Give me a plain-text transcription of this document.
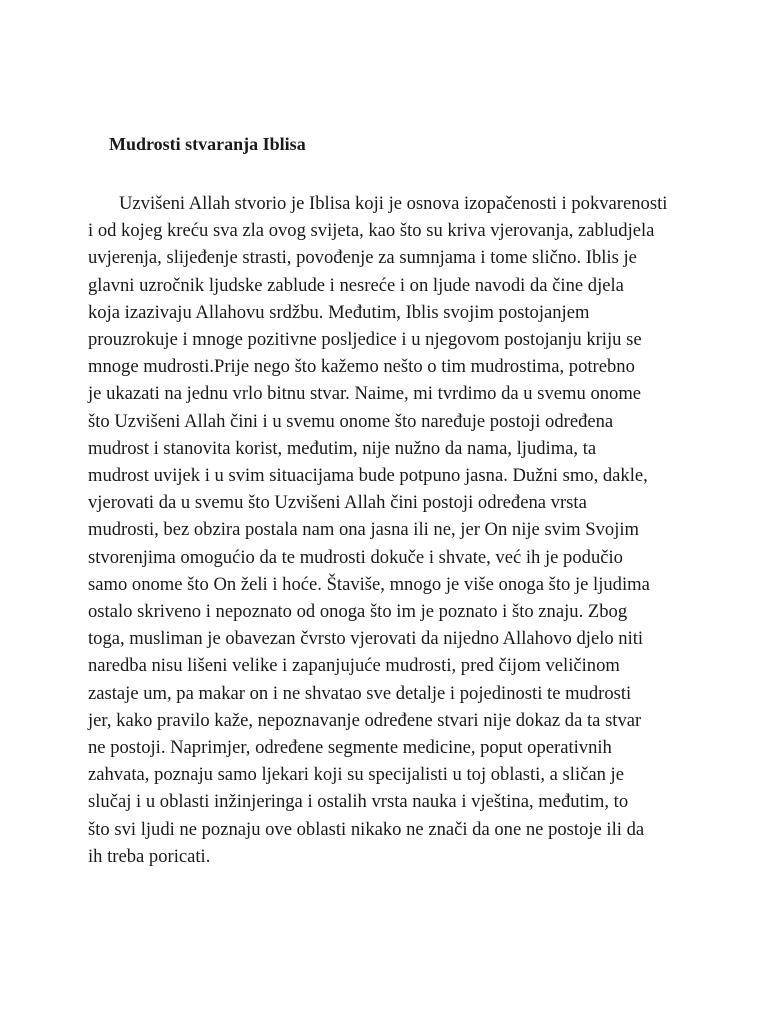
Mudrosti stvaranja Iblisa
Uzvišeni Allah stvorio je Iblisa koji je osnova izopačenosti i pokvarenosti
i od kojeg kreću sva zla ovog svijeta, kao što su kriva vjerovanja, zabludjela
uvjerenja, slijeđenje strasti, povođenje za sumnjama i tome slično. Iblis je
glavni uzročnik ljudske zablude i nesreće i on ljude navodi da čine djela
koja izazivaju Allahovu srdžbu. Međutim, Iblis svojim postojanjem
prouzrokuje i mnoge pozitivne posljedice i u njegovom postojanju kriju se
mnoge mudrosti.Prije nego što kažemo nešto o tim mudrostima, potrebno
je ukazati na jednu vrlo bitnu stvar. Naime, mi tvrdimo da u svemu onome
što Uzvišeni Allah čini i u svemu onome što naređuje postoji određena
mudrost i stanovita korist, međutim, nije nužno da nama, ljudima, ta
mudrost uvijek i u svim situacijama bude potpuno jasna. Dužni smo, dakle,
vjerovati da u svemu što Uzvišeni Allah čini postoji određena vrsta
mudrosti, bez obzira postala nam ona jasna ili ne, jer On nije svim Svojim
stvorenjima omogućio da te mudrosti dokuče i shvate, već ih je podučio
samo onome što On želi i hoće. Štaviše, mnogo je više onoga što je ljudima
ostalo skriveno i nepoznato od onoga što im je poznato i što znaju. Zbog
toga, musliman je obavezan čvrsto vjerovati da nijedno Allahovo djelo niti
naredba nisu lišeni velike i zapanjujuće mudrosti, pred čijom veličinom
zastaje um, pa makar on i ne shvatao sve detalje i pojedinosti te mudrosti
jer, kako pravilo kaže, nepoznavanje određene stvari nije dokaz da ta stvar
ne postoji. Naprimjer, određene segmente medicine, poput operativnih
zahvata, poznaju samo ljekari koji su specijalisti u toj oblasti, a sličan je
slučaj i u oblasti inžinjeringa i ostalih vrsta nauka i vještina, međutim, to
što svi ljudi ne poznaju ove oblasti nikako ne znači da one ne postoje ili da
ih treba poricati.
